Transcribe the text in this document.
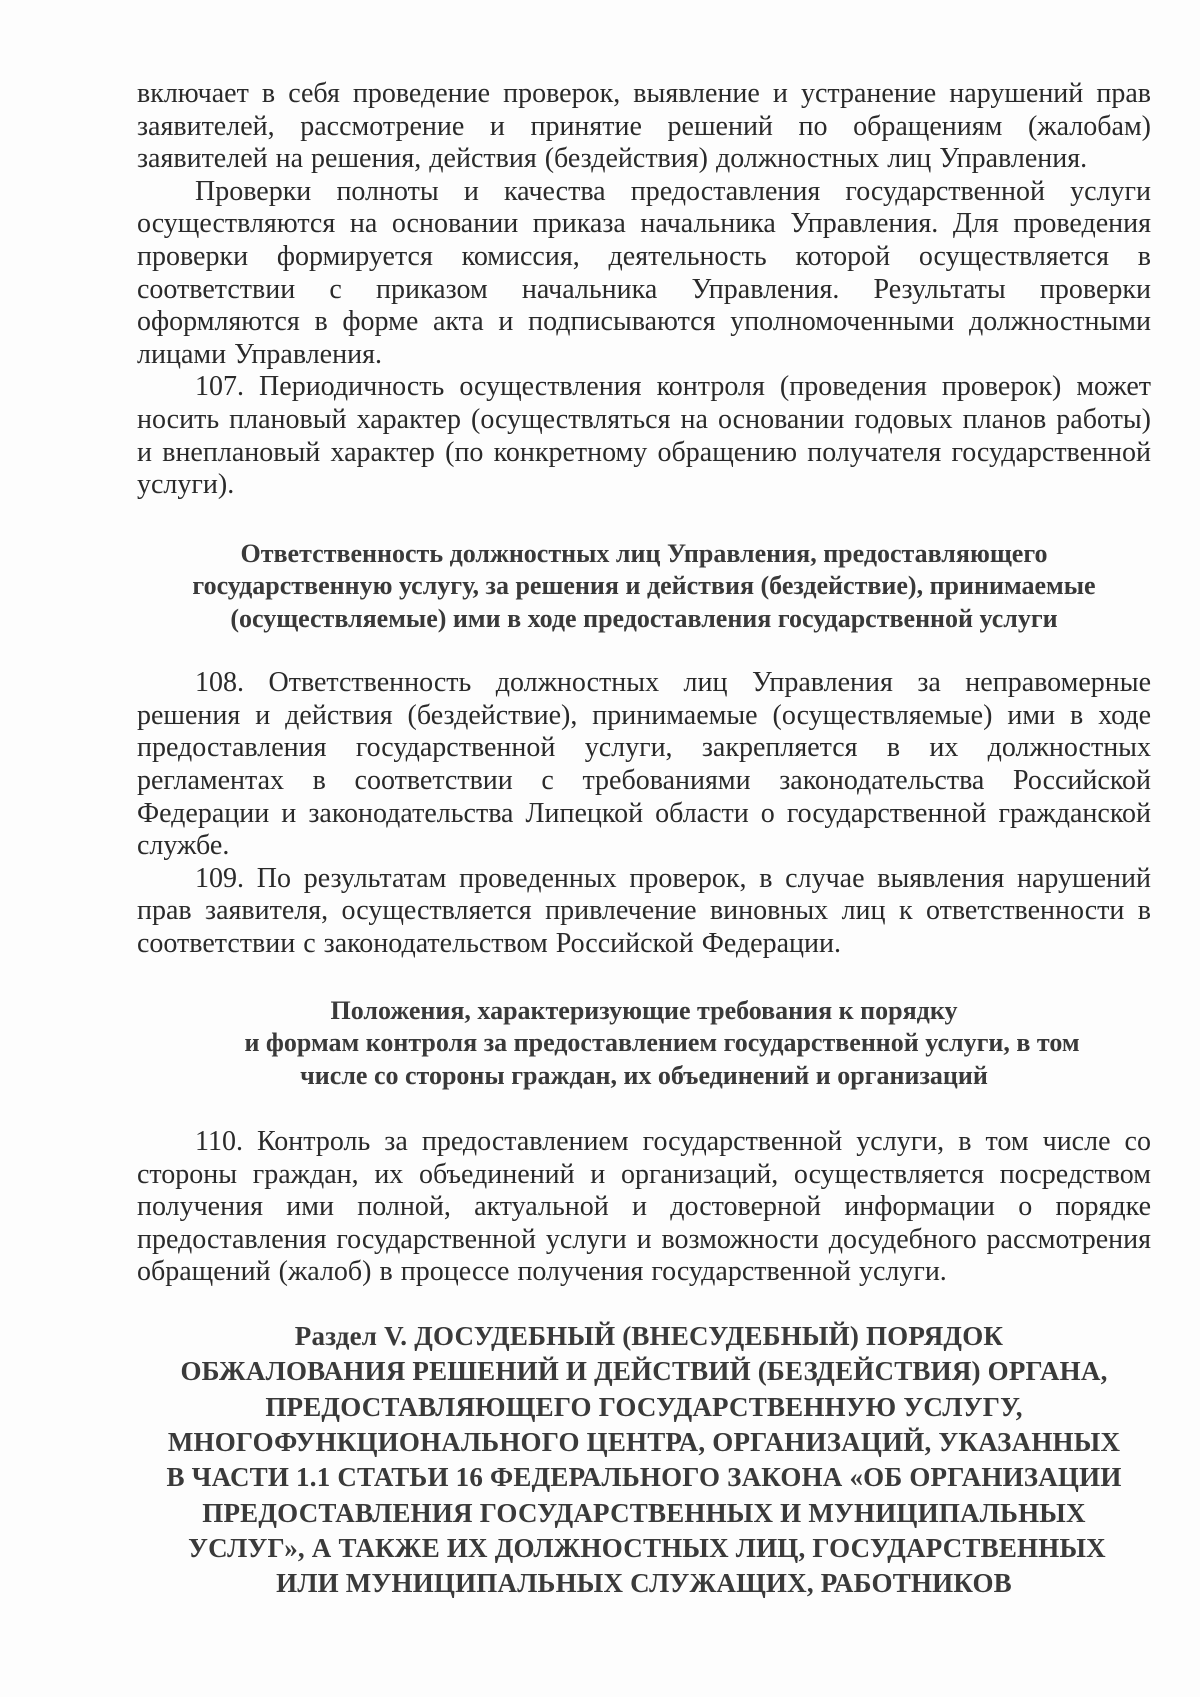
включает в себя проведение проверок, выявление и устранение нарушений прав заявителей, рассмотрение и принятие решений по обращениям (жалобам) заявителей на решения, действия (бездействия) должностных лиц Управления.

Проверки полноты и качества предоставления государственной услуги осуществляются на основании приказа начальника Управления. Для проведения проверки формируется комиссия, деятельность которой осуществляется в соответствии с приказом начальника Управления. Результаты проверки оформляются в форме акта и подписываются уполномоченными должностными лицами Управления.

107. Периодичность осуществления контроля (проведения проверок) может носить плановый характер (осуществляться на основании годовых планов работы) и внеплановый характер (по конкретному обращению получателя государственной услуги).

Ответственность должностных лиц Управления, предоставляющего
государственную услугу, за решения и действия (бездействие), принимаемые
(осуществляемые) ими в ходе предоставления государственной услуги

108. Ответственность должностных лиц Управления за неправомерные решения и действия (бездействие), принимаемые (осуществляемые) ими в ходе предоставления государственной услуги, закрепляется в их должностных регламентах в соответствии с требованиями законодательства Российской Федерации и законодательства Липецкой области о государственной гражданской службе.

109. По результатам проведенных проверок, в случае выявления нарушений прав заявителя, осуществляется привлечение виновных лиц к ответственности в соответствии с законодательством Российской Федерации.

Положения, характеризующие требования к порядку
и формам контроля за предоставлением государственной услуги, в том
числе со стороны граждан, их объединений и организаций

110. Контроль за предоставлением государственной услуги, в том числе со стороны граждан, их объединений и организаций, осуществляется посредством получения ими полной, актуальной и достоверной информации о порядке предоставления государственной услуги и возможности досудебного рассмотрения обращений (жалоб) в процессе получения государственной услуги.

Раздел V. ДОСУДЕБНЫЙ (ВНЕСУДЕБНЫЙ) ПОРЯДОК
ОБЖАЛОВАНИЯ РЕШЕНИЙ И ДЕЙСТВИЙ (БЕЗДЕЙСТВИЯ) ОРГАНА,
ПРЕДОСТАВЛЯЮЩЕГО ГОСУДАРСТВЕННУЮ УСЛУГУ,
МНОГОФУНКЦИОНАЛЬНОГО ЦЕНТРА, ОРГАНИЗАЦИЙ, УКАЗАННЫХ
В ЧАСТИ 1.1 СТАТЬИ 16 ФЕДЕРАЛЬНОГО ЗАКОНА «ОБ ОРГАНИЗАЦИИ
ПРЕДОСТАВЛЕНИЯ ГОСУДАРСТВЕННЫХ И МУНИЦИПАЛЬНЫХ
УСЛУГ», А ТАКЖЕ ИХ ДОЛЖНОСТНЫХ ЛИЦ, ГОСУДАРСТВЕННЫХ
ИЛИ МУНИЦИПАЛЬНЫХ СЛУЖАЩИХ, РАБОТНИКОВ
